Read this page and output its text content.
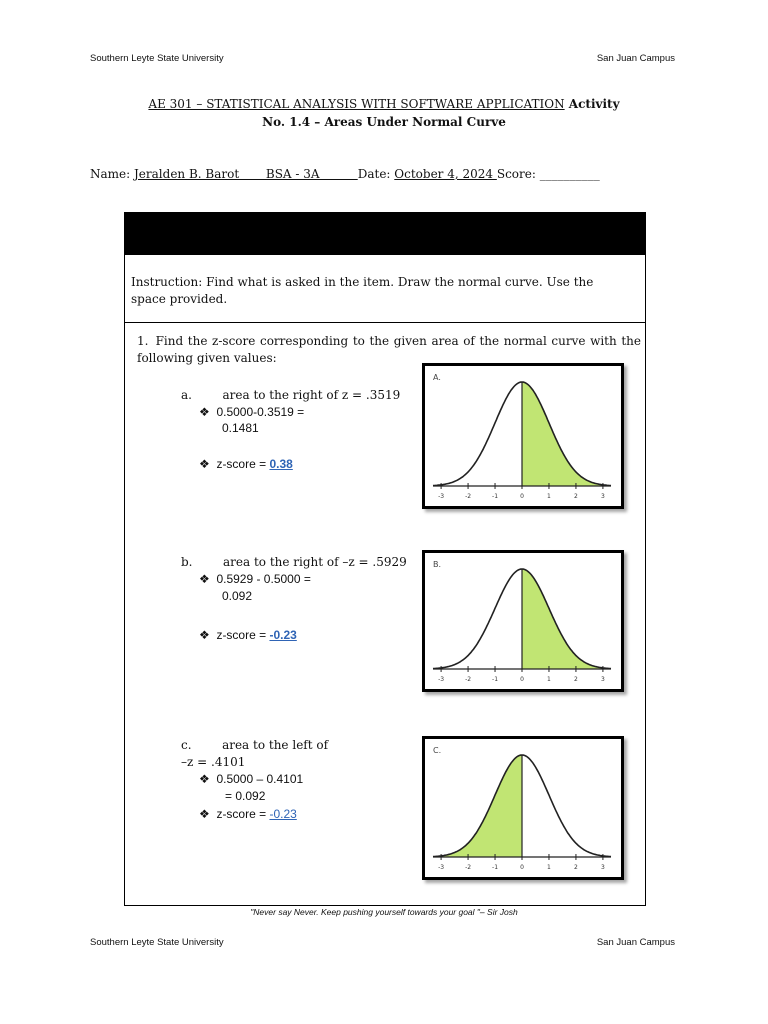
Southern Leyte State University	San Juan Campus
AE 301 – STATISTICAL ANALYSIS WITH SOFTWARE APPLICATION Activity
No. 1.4 – Areas Under Normal Curve
Name: Jeralden B. Barot       BSA - 3A          Date: October 4, 2024 Score: __________
Instruction: Find what is asked in the item. Draw the normal curve. Use the space provided.
1. Find the z-score corresponding to the given area of the normal curve with the following given values:
a.	area to the right of z = .3519
❖ 0.5000-0.3519 =
0.1481
❖ z-score = 0.38
b.	area to the right of –z = .5929
❖ 0.5929 - 0.5000 =
0.092
❖ z-score = -0.23
c.	area to the left of
–z = .4101
❖ 0.5000 – 0.4101
= 0.092
❖ z-score = -0.23
-3	-2	-1	0	1	2	3
A.
-3	-2	-1	0	1	2	3
B.
-3	-2	-1	0	1	2	3
C.
"Never say Never. Keep pushing yourself towards your goal "– Sir Josh
Southern Leyte State University	San Juan Campus
